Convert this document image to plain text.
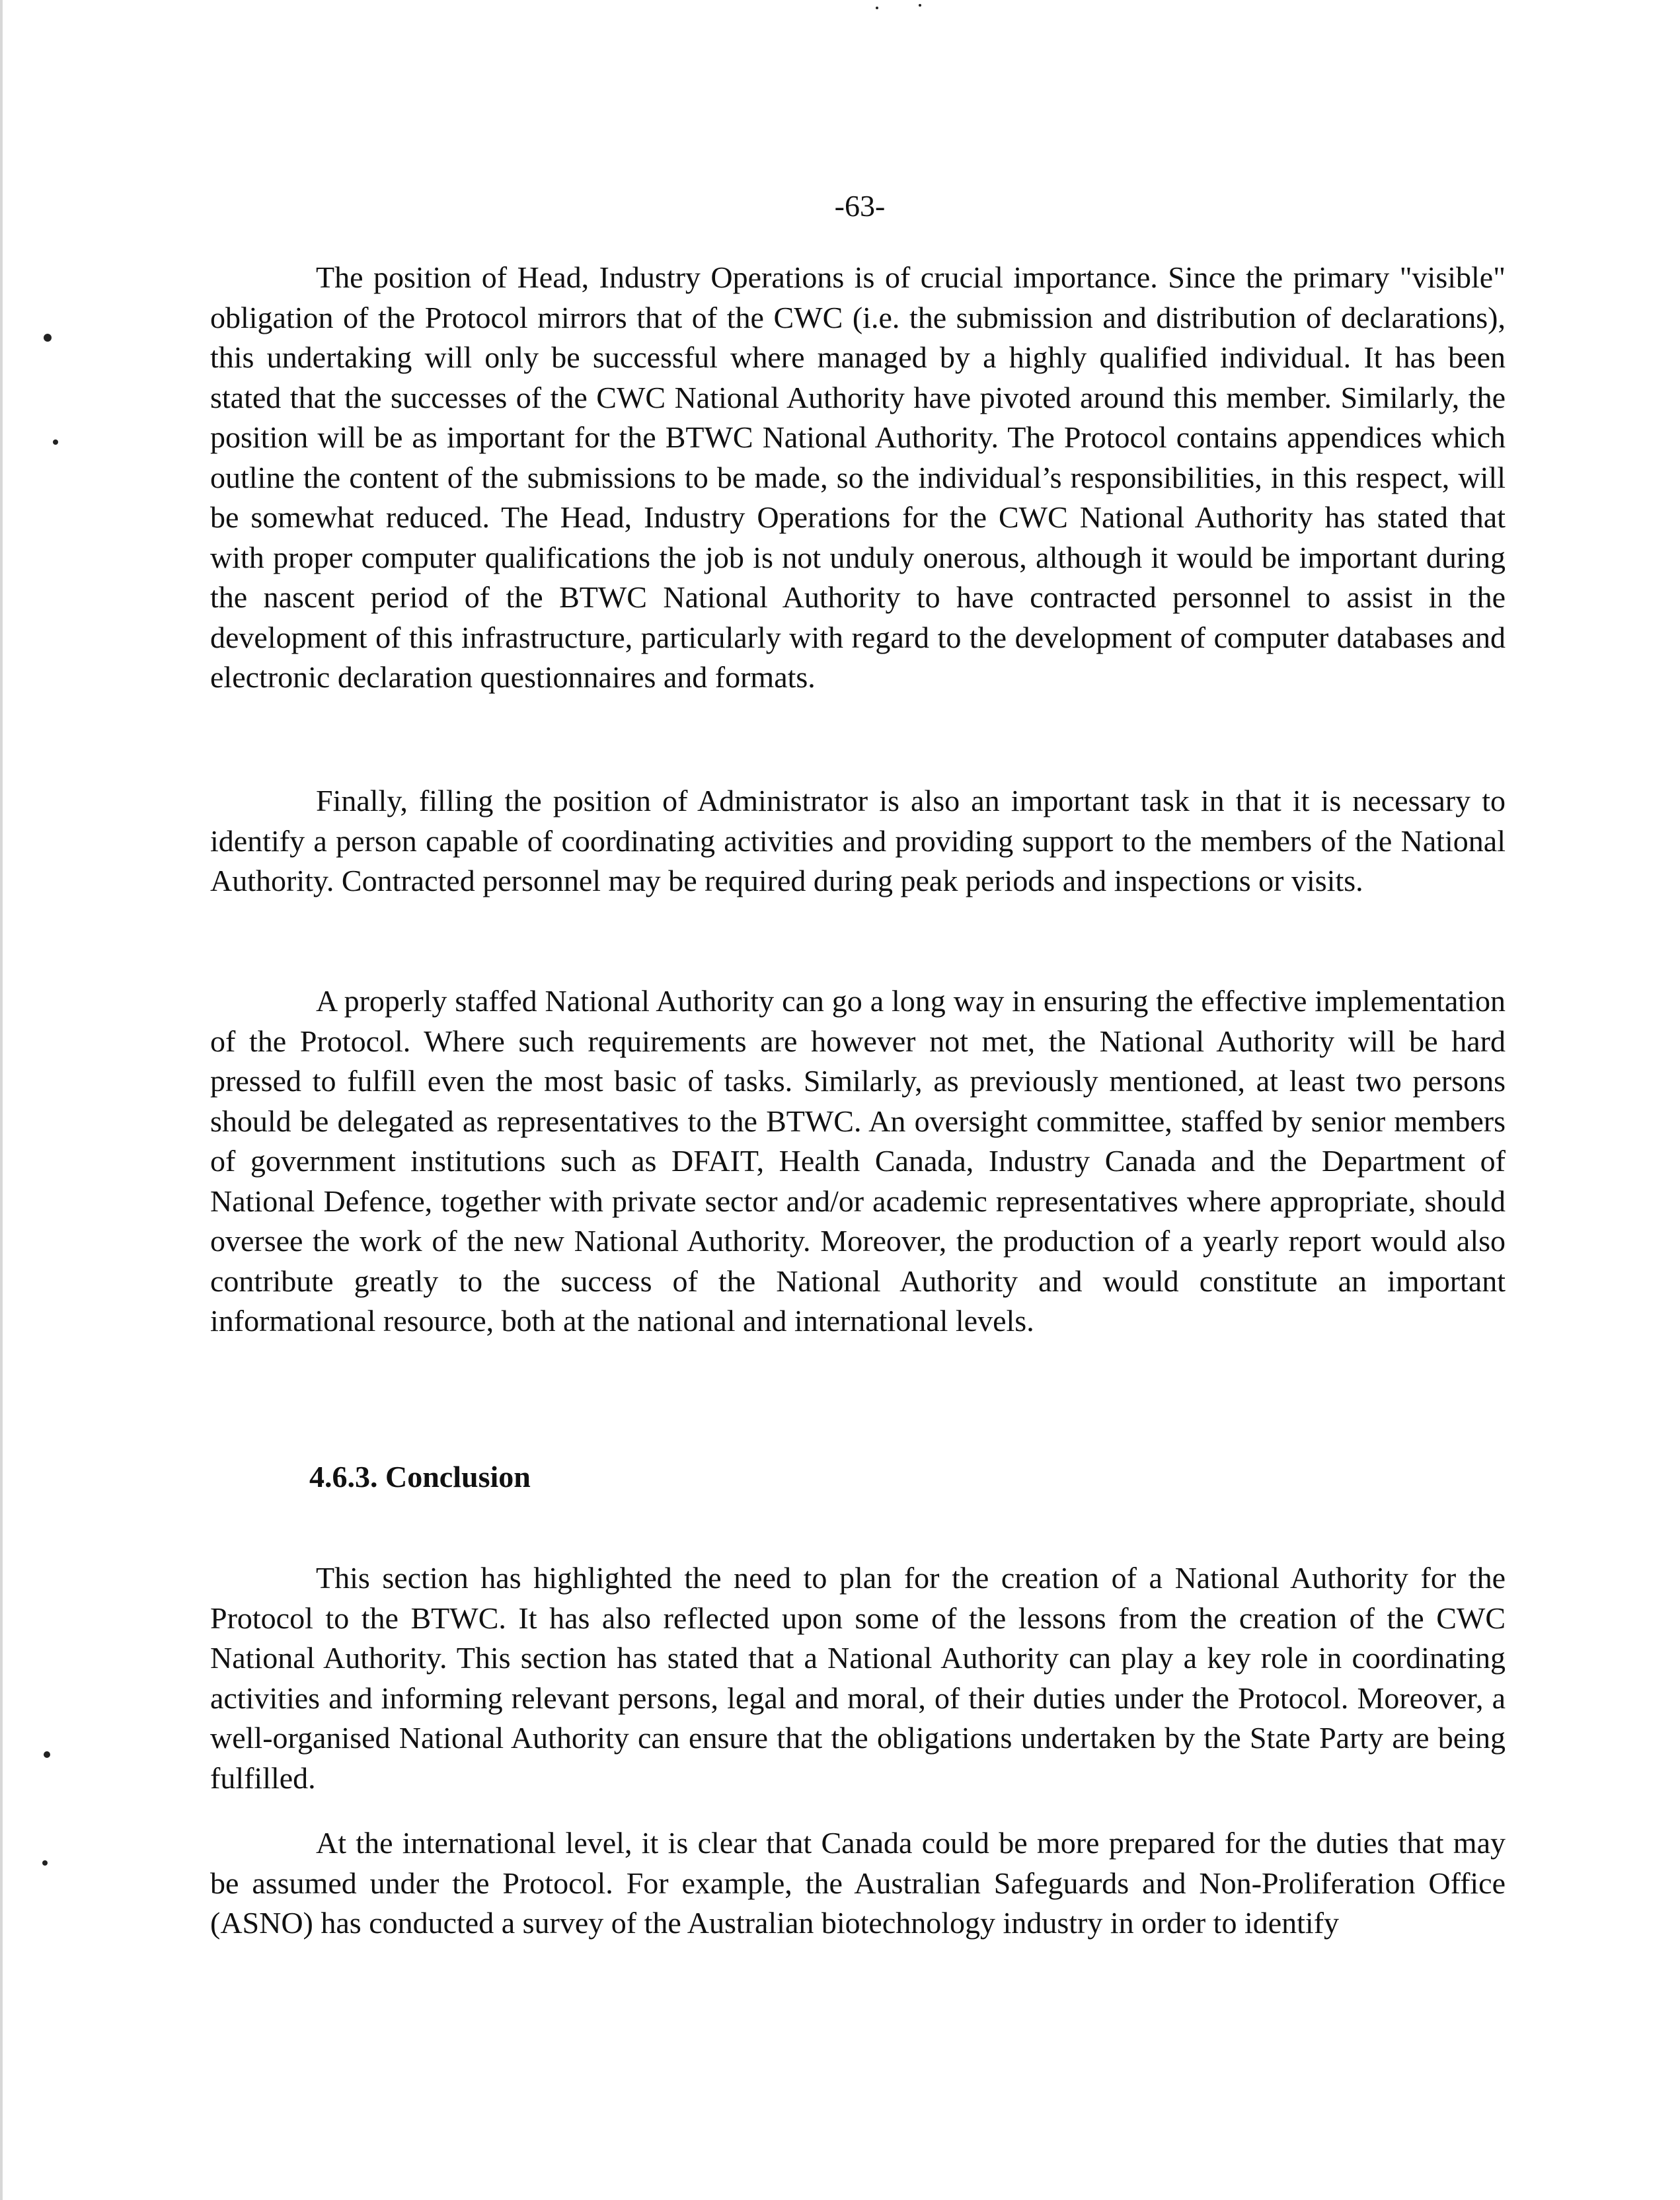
-63-

The position of Head, Industry Operations is of crucial importance. Since the primary "visible" obligation of the Protocol mirrors that of the CWC (i.e. the submission and distribution of declarations), this undertaking will only be successful where managed by a highly qualified individual. It has been stated that the successes of the CWC National Authority have pivoted around this member. Similarly, the position will be as important for the BTWC National Authority. The Protocol contains appendices which outline the content of the submissions to be made, so the individual’s responsibilities, in this respect, will be somewhat reduced. The Head, Industry Operations for the CWC National Authority has stated that with proper computer qualifications the job is not unduly onerous, although it would be important during the nascent period of the BTWC National Authority to have contracted personnel to assist in the development of this infrastructure, particularly with regard to the development of computer databases and electronic declaration questionnaires and formats.

Finally, filling the position of Administrator is also an important task in that it is necessary to identify a person capable of coordinating activities and providing support to the members of the National Authority. Contracted personnel may be required during peak periods and inspections or visits.

A properly staffed National Authority can go a long way in ensuring the effective implementation of the Protocol. Where such requirements are however not met, the National Authority will be hard pressed to fulfill even the most basic of tasks. Similarly, as previously mentioned, at least two persons should be delegated as representatives to the BTWC. An oversight committee, staffed by senior members of government institutions such as DFAIT, Health Canada, Industry Canada and the Department of National Defence, together with private sector and/or academic representatives where appropriate, should oversee the work of the new National Authority. Moreover, the production of a yearly report would also contribute greatly to the success of the National Authority and would constitute an important informational resource, both at the national and international levels.

4.6.3. Conclusion

This section has highlighted the need to plan for the creation of a National Authority for the Protocol to the BTWC. It has also reflected upon some of the lessons from the creation of the CWC National Authority. This section has stated that a National Authority can play a key role in coordinating activities and informing relevant persons, legal and moral, of their duties under the Protocol. Moreover, a well-organised National Authority can ensure that the obligations undertaken by the State Party are being fulfilled.

At the international level, it is clear that Canada could be more prepared for the duties that may be assumed under the Protocol. For example, the Australian Safeguards and Non-Proliferation Office (ASNO) has conducted a survey of the Australian biotechnology industry in order to identify
